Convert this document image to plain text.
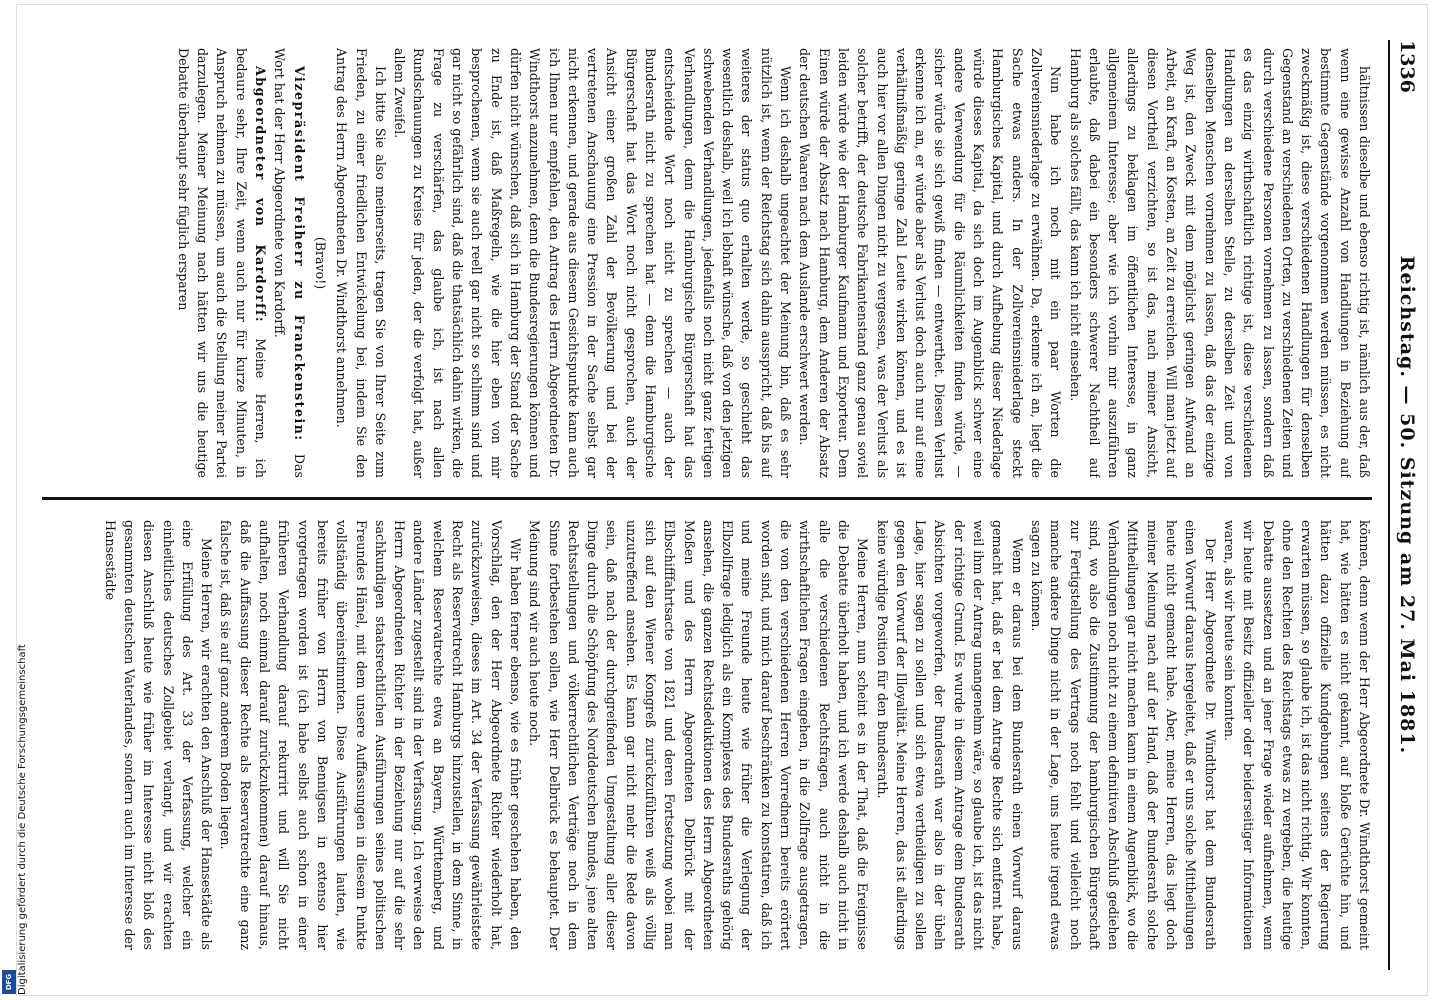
1336
Reichstag. — 50. Sitzung am 27. Mai 1881.

hältnissen dieselbe und ebenso richtig ist, nämlich aus der, daß wenn eine gewisse Anzahl von Handlungen in Beziehung auf bestimmte Gegenstände vorgenommen werden müssen, es nicht zweckmäßig ist, diese verschiedenen Handlungen für denselben Gegenstand an verschiedenen Orten, zu verschiedenen Zeiten und durch verschiedene Personen vornehmen zu lassen, sondern daß es das einzig wirthschaftlich richtige ist, diese verschiedenen Handlungen an derselben Stelle, zu derselben Zeit und von denselben Menschen vornehmen zu lassen, daß das der einzige Weg ist, den Zweck mit dem möglichst geringen Aufwand an Arbeit, an Kraft, an Kosten, an Zeit zu erreichen. Will man jetzt auf diesen Vortheil verzichten, so ist das, nach meiner Ansicht, allerdings zu beklagen im öffentlichen Interesse, in ganz allgemeinem Interesse; aber wie ich vorhin mir auszuführen erlaubte, daß dabei ein besonders schwerer Nachtheil auf Hamburg als solches fällt, das kann ich nicht einsehen.

Nun habe ich noch mit ein paar Worten die Zollvereinsniederlage zu erwähnen. Da, erkenne ich an, liegt die Sache etwas anders. In der Zollvereinsniederlage steckt Hamburgisches Kapital, und durch Aufhebung dieser Niederlage würde dieses Kapital, da sich doch im Augenblick schwer eine andere Verwendung für die Räumlichkeiten finden würde, — sicher würde sie sich gewiß finden — entwerthet. Diesen Verlust erkenne ich an, er würde aber als Verlust doch auch nur auf eine verhältnißmäßig geringe Zahl Leute wirken können, und es ist auch hier vor allen Dingen nicht zu vergessen, was der Verlust als solcher betrifft, der deutsche Fabrikantenstand ganz genau soviel leiden würde wie der Hamburger Kaufmann und Exporteur. Dem Einen würde der Absatz nach Hamburg, dem Anderen der Absatz der deutschen Waaren nach dem Auslande erschwert werden.

Wenn ich deshalb ungeachtet der Meinung bin, daß es sehr nützlich ist, wenn der Reichstag sich dahin ausspricht, daß bis auf weiteres der status quo erhalten werde, so geschieht das wesentlich deshalb, weil ich lebhaft wünsche, daß von den jetzigen schwebenden Verhandlungen, jedenfalls noch nicht ganz fertigen Verhandlungen, denn die Hamburgische Bürgerschaft hat das entscheidende Wort noch nicht zu sprechen — auch der Bundesrath nicht zu sprechen hat — denn die Hamburgische Bürgerschaft hat das Wort noch nicht gesprochen, auch der Ansicht einer großen Zahl der Bevölkerung und bei der vertretenen Anschauung eine Pression in der Sache selbst gar nicht erkennen, und gerade aus diesem Gesichtspunkte kann auch ich Ihnen nur empfehlen, den Antrag des Herrn Abgeordneten Dr. Windthorst anzunehmen, denn die Bundesregierungen können und dürfen nicht wünschen, daß sich in Hamburg der Stand der Sache zu Ende ist, daß Maßregeln, wie die hier eben von mir besprochenen, wenn sie auch reell gar nicht so schlimm sind und gar nicht so gefährlich sind, daß die thatsächlich dahin wirken, die Frage zu verschärfen, das glaube ich, ist nach allen Rundschauungen zu Kreise für jeden, der die verfolgt hat, außer allem Zweifel.

Ich bitte Sie also meinerseits, tragen Sie von Ihrer Seite zum Frieden, zu einer friedlichen Entwickelung bei, indem Sie den Antrag des Herrn Abgeordneten Dr. Windthorst annehmen.

(Bravo!)

Vizepräsident Freiherr zu Franckenstein: Das Wort hat der Herr Abgeordnete von Kardorff.

Abgeordneter von Kardorff: Meine Herren, ich bedaure sehr, Ihre Zeit, wenn auch nur für kurze Minuten, in Anspruch nehmen zu müssen, um auch die Stellung meiner Partei darzulegen. Meiner Meinung nach hätten wir uns die heutige Debatte überhaupt sehr füglich ersparen

können, denn wenn der Herr Abgeordnete Dr. Windthorst gemeint hat, wie hätten es nicht gekannt, auf bloße Gerüchte hin, und hätten dazu offizielle Kundgebungen seitens der Regierung erwarten müssen, so glaube ich, ist das nicht richtig. Wir konnten, ohne den Rechten des Reichstags etwas zu vergeben, die heutige Debatte aussetzen und an jener Frage wieder aufnehmen, wenn wir heute mit Besitz offizieller oder beiderseitiger Informationen waren, als wir heute sein konnten.

Der Herr Abgeordnete Dr. Windthorst hat dem Bundesrath einen Vorwurf daraus hergeleitet, daß er uns solche Mittheilungen heute nicht gemacht habe. Aber, meine Herren, das liegt doch meiner Meinung nach auf der Hand, daß der Bundesrath solche Mittheilungen gar nicht machen kann in einem Augenblick, wo die Verhandlungen noch nicht zu einem definitiven Abschluß gediehen sind, wo also die Zustimmung der hamburgischen Bürgerschaft zur Fertigstellung des Vertrags noch fehlt und vielleicht noch manche andere Dinge nicht in der Lage, uns heute irgend etwas sagen zu können.

Wenn er daraus bei dem Bundesrath einen Vorwurf daraus gemacht hat, daß er bei dem Antrage Rechte sich entfernt habe, weil ihm der Antrag unangenehm wäre, so glaube ich, ist das nicht der richtige Grund. Es wurde in diesem Antrage dem Bundesrath Absichten vorgeworfen, der Bundesrath war also in der übeln Lage, hier sagen zu sollen und sich etwa vertheidigen zu sollen gegen den Vorwurf der Illoyalität. Meine Herren, das ist allerdings keine würdige Position für den Bundesrath.

Meine Herren, nun scheint es in der That, daß die Ereignisse die Debatte überholt haben, und ich werde deshalb auch nicht in alle die verschiedenen Rechtsfragen, auch nicht in die wirthschaftlichen Fragen eingehen, in die Zollfrage ausgetragen, die von den verschiedenen Herren Vorrednern bereits erörtert worden sind, und mich darauf beschränken zu konstatiren, daß ich und meine Freunde heute wie früher die Verlegung der Elbzollfrage lediglich als ein Komplexes des Bundesraths gehörig ansehen, die ganzen Rechtsdeduktionen des Herrn Abgeordneten Moßen und des Herrn Abgeordneten Delbrück mit der Elbschifffahrtsacte von 1821 und deren Fortsetzung wobei man sich auf den Wiener Kongreß zurückzuführen weiß als völlig unzutreffend ansehen. Es kann gar nicht mehr die Rede davon sein, daß nach der durchgreifenden Umgestaltung aller dieser Dinge durch die Schöpfung des Norddeutschen Bundes, jene alten Rechtsstellungen und völkerrechtlichen Verträge noch in dem Sinne fortbestehen sollen, wie Herr Delbrück es behauptet. Der Meinung sind wir auch heute noch.

Wir haben ferner ebenso, wie es früher geschehen haben, den Vorschlag, den der Herr Abgeordnete Richter wiederholt hat, zurückzuweisen, dieses im Art. 34 der Verfassung gewährleistete Recht als Reservatrecht Hamburgs hinzustellen, in dem Sinne, in welchem Reservatrechte etwa an Bayern, Württemberg, und andere Länder zugestellt sind in der Verfassung. Ich verweise den Herrn Abgeordneten Richter in der Beziehung nur auf die sehr sachkundigen staatsrechtlichen Ausführungen seines politischen Freundes Hänel, mit dem unsere Auffassungen in diesem Punkte vollständig übereinstimmten. Diese Ausführungen lauten, wie bereits früher von Herrn von Bennigsen in extenso hier vorgetragen worden ist (ich habe selbst auch schon in einer früheren Verhandlung darauf rekurrirt und will Sie nicht aufhalten, noch einmal darauf zurückzukommen) darauf hinaus, daß die Auffassung dieser Rechte als Reservatrechte eine ganz falsche ist, daß sie auf ganz anderem Boden liegen.

Meine Herren, wir erachten den Anschluß der Hansestädte als eine Erfüllung des Art. 33 der Verfassung, welcher ein einheitliches deutsches Zollgebiet verlangt, und wir erachten diesen Anschluß heute wie früher im Interesse nicht bloß des gesammten deutschen Vaterlandes, sondern auch im Interesse der Hansestädte

Digitalisierung gefördert durch die Deutsche Forschungsgemeinschaft
DFG
